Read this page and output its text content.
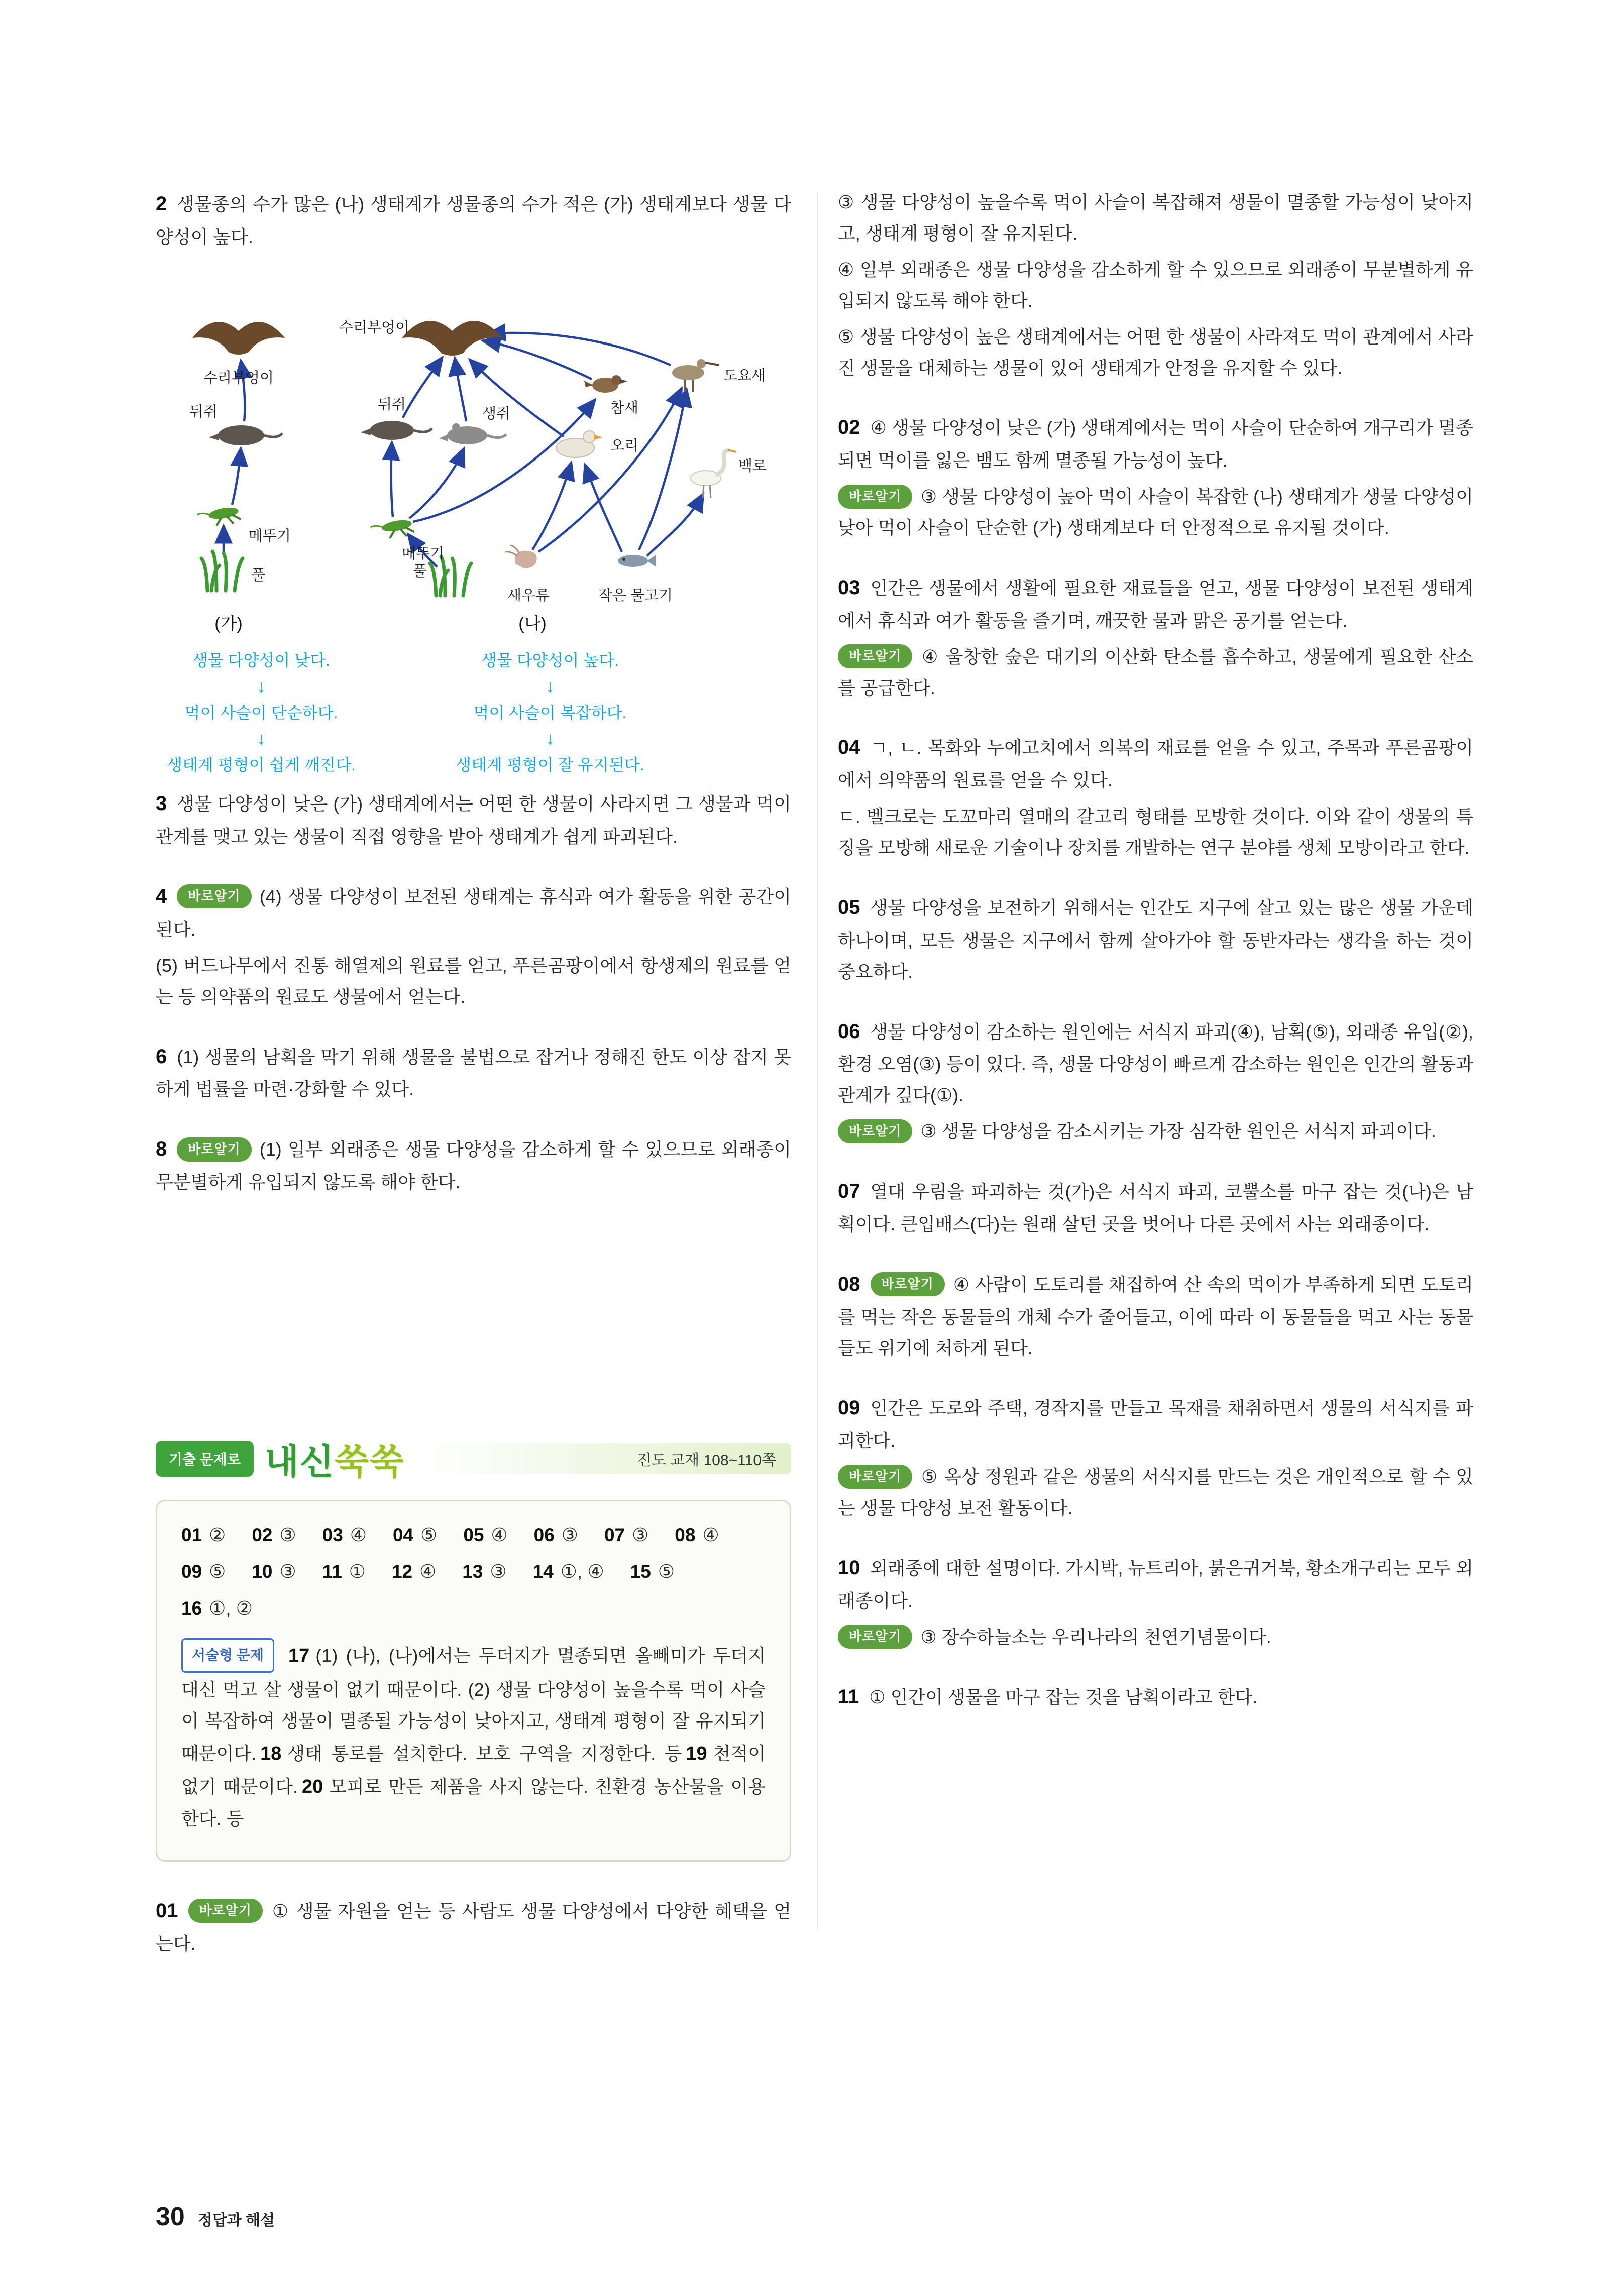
2 생물종의 수가 많은 (나) 생태계가 생물종의 수가 적은 (가) 생태계보다 생물 다양성이 높다.

수리부엉이
뒤쥐
메뚜기
풀
(가)
수리부엉이
뒤쥐
생쥐	참새
도요새
오리
백로
메뚜기
풀
새우류	작은 물고기
(나)

생물 다양성이 낮다.

↓

먹이 사슬이 단순하다.

↓

생태계 평형이 쉽게 깨진다.

생물 다양성이 높다.

↓

먹이 사슬이 복잡하다.

↓

생태계 평형이 잘 유지된다.

3 생물 다양성이 낮은 (가) 생태계에서는 어떤 한 생물이 사라지면 그 생물과 먹이 관계를 맺고 있는 생물이 직접 영향을 받아 생태계가 쉽게 파괴된다.

4 바로알기 (4) 생물 다양성이 보전된 생태계는 휴식과 여가 활동을 위한 공간이 된다.

(5) 버드나무에서 진통 해열제의 원료를 얻고, 푸른곰팡이에서 항생제의 원료를 얻는 등 의약품의 원료도 생물에서 얻는다.

6 (1) 생물의 남획을 막기 위해 생물을 불법으로 잡거나 정해진 한도 이상 잡지 못하게 법률을 마련·강화할 수 있다.

8 바로알기 (1) 일부 외래종은 생물 다양성을 감소하게 할 수 있으므로 외래종이 무분별하게 유입되지 않도록 해야 한다.

기출 문제로 내신쑥쑥	진도 교재 108~110쪽
01 ② 02 ③ 03 ④ 04 ⑤ 05 ④ 06 ③ 07 ③ 08 ④
09 ⑤ 10 ③ 11 ① 12 ④ 13 ③ 14 ①, ④ 15 ⑤
16 ①, ②

서술형 문제 17 (1) (나), (나)에서는 두더지가 멸종되면 올빼미가 두더지 대신 먹고 살 생물이 없기 때문이다. (2) 생물 다양성이 높을수록 먹이 사슬이 복잡하여 생물이 멸종될 가능성이 낮아지고, 생태계 평형이 잘 유지되기 때문이다. 18 생태 통로를 설치한다. 보호 구역을 지정한다. 등 19 천적이 없기 때문이다. 20 모피로 만든 제품을 사지 않는다. 친환경 농산물을 이용한다. 등

01 바로알기 ① 생물 자원을 얻는 등 사람도 생물 다양성에서 다양한 혜택을 얻는다.

③ 생물 다양성이 높을수록 먹이 사슬이 복잡해져 생물이 멸종할 가능성이 낮아지고, 생태계 평형이 잘 유지된다.

④ 일부 외래종은 생물 다양성을 감소하게 할 수 있으므로 외래종이 무분별하게 유입되지 않도록 해야 한다.

⑤ 생물 다양성이 높은 생태계에서는 어떤 한 생물이 사라져도 먹이 관계에서 사라진 생물을 대체하는 생물이 있어 생태계가 안정을 유지할 수 있다.

02 ④ 생물 다양성이 낮은 (가) 생태계에서는 먹이 사슬이 단순하여 개구리가 멸종되면 먹이를 잃은 뱀도 함께 멸종될 가능성이 높다.

바로알기 ③ 생물 다양성이 높아 먹이 사슬이 복잡한 (나) 생태계가 생물 다양성이 낮아 먹이 사슬이 단순한 (가) 생태계보다 더 안정적으로 유지될 것이다.

03 인간은 생물에서 생활에 필요한 재료들을 얻고, 생물 다양성이 보전된 생태계에서 휴식과 여가 활동을 즐기며, 깨끗한 물과 맑은 공기를 얻는다.

바로알기 ④ 울창한 숲은 대기의 이산화 탄소를 흡수하고, 생물에게 필요한 산소를 공급한다.

04 ㄱ, ㄴ. 목화와 누에고치에서 의복의 재료를 얻을 수 있고, 주목과 푸른곰팡이에서 의약품의 원료를 얻을 수 있다.

ㄷ. 벨크로는 도꼬마리 열매의 갈고리 형태를 모방한 것이다. 이와 같이 생물의 특징을 모방해 새로운 기술이나 장치를 개발하는 연구 분야를 생체 모방이라고 한다.

05 생물 다양성을 보전하기 위해서는 인간도 지구에 살고 있는 많은 생물 가운데 하나이며, 모든 생물은 지구에서 함께 살아가야 할 동반자라는 생각을 하는 것이 중요하다.

06 생물 다양성이 감소하는 원인에는 서식지 파괴(④), 남획(⑤), 외래종 유입(②), 환경 오염(③) 등이 있다. 즉, 생물 다양성이 빠르게 감소하는 원인은 인간의 활동과 관계가 깊다(①).

바로알기 ③ 생물 다양성을 감소시키는 가장 심각한 원인은 서식지 파괴이다.

07 열대 우림을 파괴하는 것(가)은 서식지 파괴, 코뿔소를 마구 잡는 것(나)은 남획이다. 큰입배스(다)는 원래 살던 곳을 벗어나 다른 곳에서 사는 외래종이다.

08 바로알기 ④ 사람이 도토리를 채집하여 산 속의 먹이가 부족하게 되면 도토리를 먹는 작은 동물들의 개체 수가 줄어들고, 이에 따라 이 동물들을 먹고 사는 동물들도 위기에 처하게 된다.

09 인간은 도로와 주택, 경작지를 만들고 목재를 채취하면서 생물의 서식지를 파괴한다.

바로알기 ⑤ 옥상 정원과 같은 생물의 서식지를 만드는 것은 개인적으로 할 수 있는 생물 다양성 보전 활동이다.

10 외래종에 대한 설명이다. 가시박, 뉴트리아, 붉은귀거북, 황소개구리는 모두 외래종이다.

바로알기 ③ 장수하늘소는 우리나라의 천연기념물이다.

11 ① 인간이 생물을 마구 잡는 것을 남획이라고 한다.

30 정답과 해설
